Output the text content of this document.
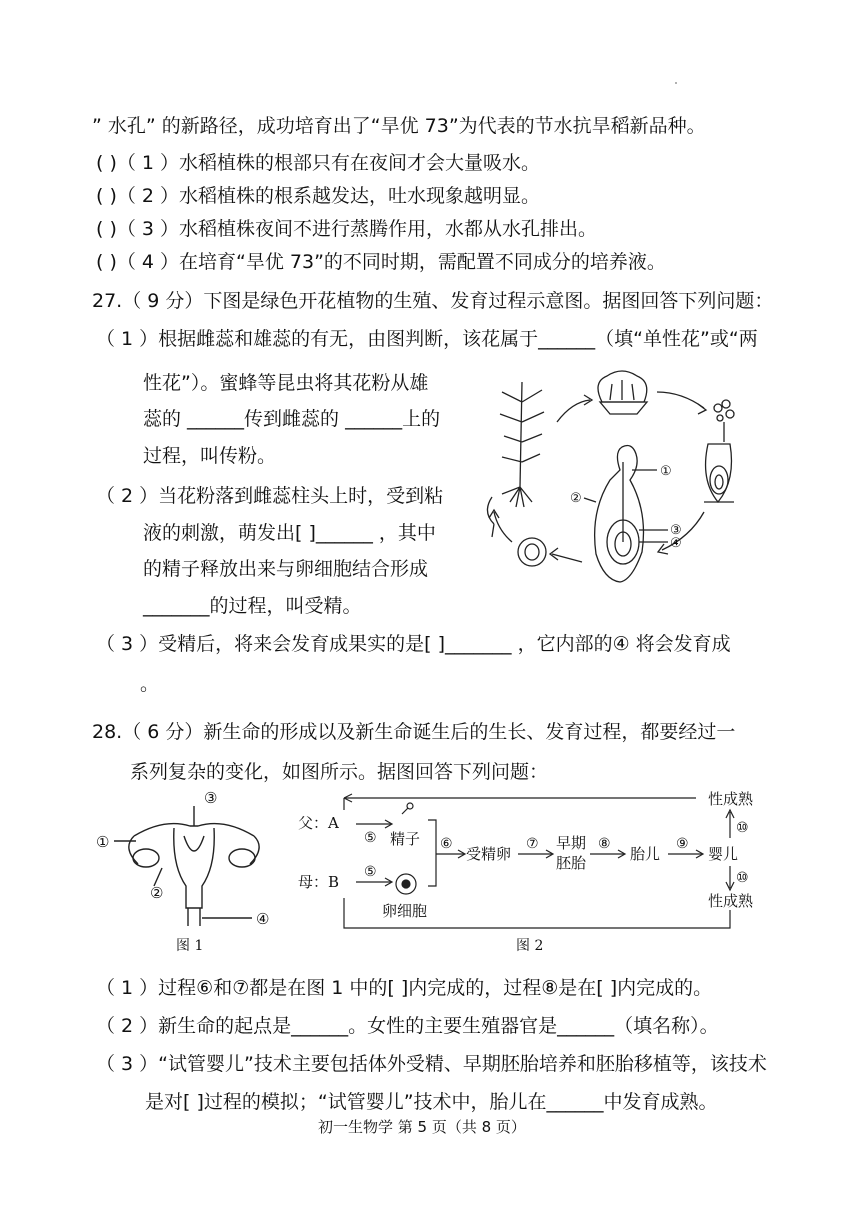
” 水孔” 的新路径，成功培育出了“旱优 73”为代表的节水抗旱稻新品种。
( )（ 1 ）水稻植株的根部只有在夜间才会大量吸水。
( )（ 2 ）水稻植株的根系越发达，吐水现象越明显。
( )（ 3 ）水稻植株夜间不进行蒸腾作用，水都从水孔排出。
( )（ 4 ）在培育“旱优 73”的不同时期，需配置不同成分的培养液。
27.（ 9 分）下图是绿色开花植物的生殖、发育过程示意图。据图回答下列问题：
（ 1 ）根据雌蕊和雄蕊的有无，由图判断，该花属于______（填“单性花”或“两
性花”）。蜜蜂等昆虫将其花粉从雄
蕊的 ______传到雌蕊的 ______上的
过程，叫传粉。
（ 2 ）当花粉落到雌蕊柱头上时，受到粘
液的刺激，萌发出[ ]______ ，其中
的精子释放出来与卵细胞结合形成
_______的过程，叫受精。
（ 3 ）受精后，将来会发育成果实的是[ ]_______ ，它内部的④ 将会发育成
。
①
②
③
④
28.（ 6 分）新生命的形成以及新生命诞生后的生长、发育过程，都要经过一
系列复杂的变化，如图所示。据图回答下列问题：
①
②
③
④
图 1
性成熟
父：A
母：B
⑤
⑤
精子
卵细胞
⑥
受精卵
⑦ 早期
胚胎
⑧
胎儿
⑨
婴儿
⑩
⑩
性成熟
图 2
（ 1 ）过程⑥和⑦都是在图 1 中的[ ]内完成的，过程⑧是在[ ]内完成的。
（ 2 ）新生命的起点是______。女性的主要生殖器官是______（填名称）。
（ 3 ）“试管婴儿”技术主要包括体外受精、早期胚胎培养和胚胎移植等，该技术
是对[ ]过程的模拟；“试管婴儿”技术中，胎儿在______中发育成熟。
初一生物学 第 5 页（共 8 页）
